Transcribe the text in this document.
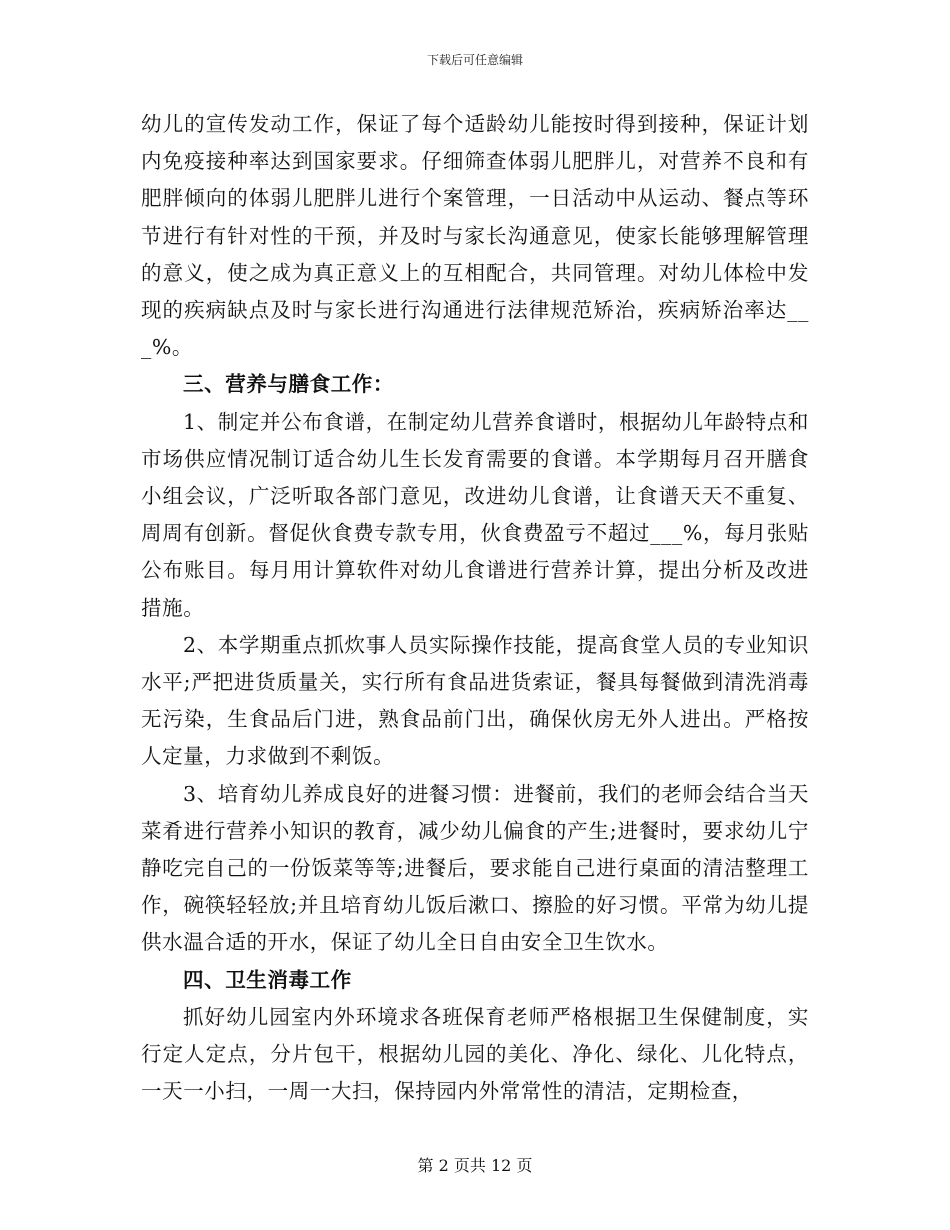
下载后可任意编辑

幼儿的宣传发动工作，保证了每个适龄幼儿能按时得到接种，保证计划内免疫接种率达到国家要求。仔细筛查体弱儿肥胖儿，对营养不良和有肥胖倾向的体弱儿肥胖儿进行个案管理，一日活动中从运动、餐点等环节进行有针对性的干预，并及时与家长沟通意见，使家长能够理解管理的意义，使之成为真正意义上的互相配合，共同管理。对幼儿体检中发现的疾病缺点及时与家长进行沟通进行法律规范矫治，疾病矫治率达___%。

三、营养与膳食工作：

1、制定并公布食谱，在制定幼儿营养食谱时，根据幼儿年龄特点和市场供应情况制订适合幼儿生长发育需要的食谱。本学期每月召开膳食小组会议，广泛听取各部门意见，改进幼儿食谱，让食谱天天不重复、周周有创新。督促伙食费专款专用，伙食费盈亏不超过___%，每月张贴公布账目。每月用计算软件对幼儿食谱进行营养计算，提出分析及改进措施。

2、本学期重点抓炊事人员实际操作技能，提高食堂人员的专业知识水平;严把进货质量关，实行所有食品进货索证，餐具每餐做到清洗消毒无污染，生食品后门进，熟食品前门出，确保伙房无外人进出。严格按人定量，力求做到不剩饭。

3、培育幼儿养成良好的进餐习惯：进餐前，我们的老师会结合当天菜肴进行营养小知识的教育，减少幼儿偏食的产生;进餐时，要求幼儿宁静吃完自己的一份饭菜等等;进餐后，要求能自己进行桌面的清洁整理工作，碗筷轻轻放;并且培育幼儿饭后漱口、擦脸的好习惯。平常为幼儿提供水温合适的开水，保证了幼儿全日自由安全卫生饮水。

四、卫生消毒工作

抓好幼儿园室内外环境求各班保育老师严格根据卫生保健制度，实行定人定点，分片包干，根据幼儿园的美化、净化、绿化、儿化特点，一天一小扫，一周一大扫，保持园内外常常性的清洁，定期检查，

第 2 页共 12 页
